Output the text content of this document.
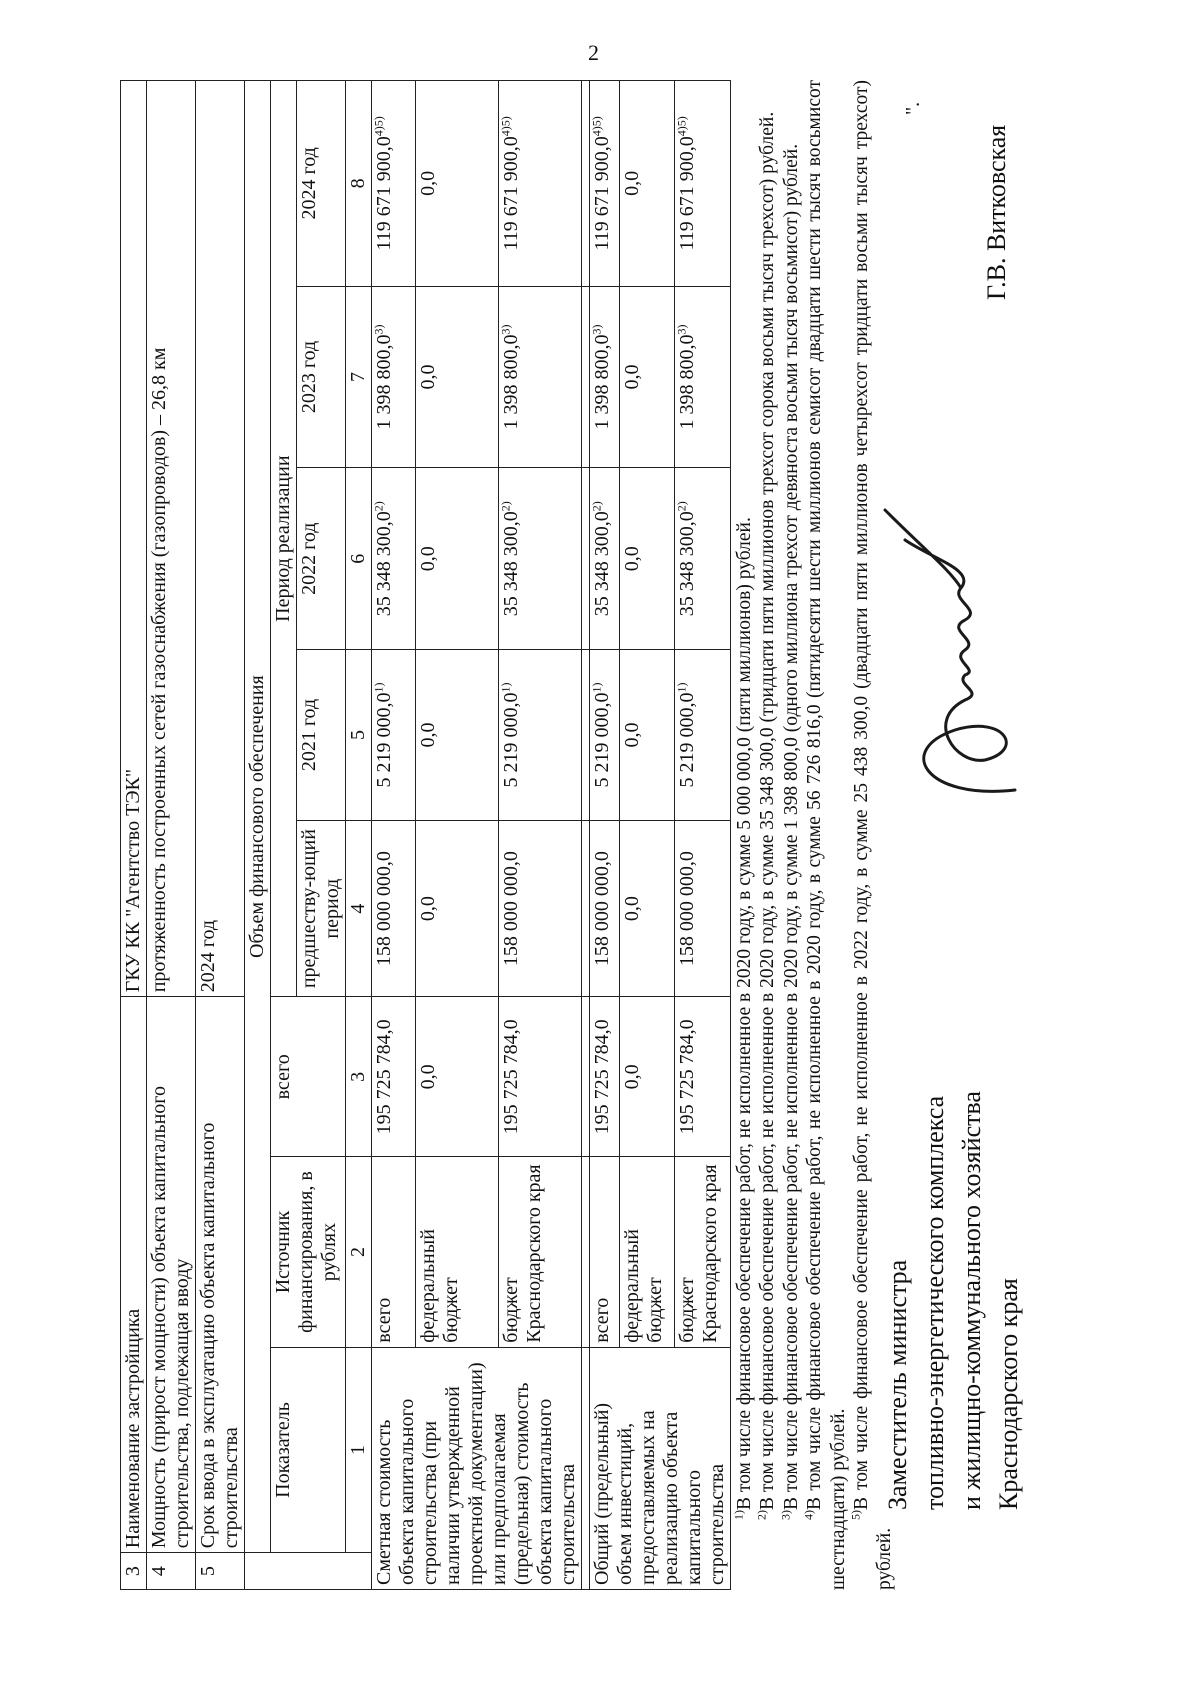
2
".
3	Наименование застройщика			ГКУ КК "Агентство ТЭК"				
4	Мощность (прирост мощности) объекта капитального строительства, подлежащая вводу			протяженность построенных сетей газоснабжения (газопроводов) – 26,8 км				
5	Срок ввода в эксплуатацию объекта капитального строительства			2024 год				
	Объем финансового обеспечения							
	Показатель	Источник финансирования, в рублях	всего	Период реализации				
				предшеству-ющий период	2021 год	2022 год	2023 год	2024 год
	1	2	3	4	5	6	7	8
Сметная стоимость объекта капитального строительства (при наличии утвержденной проектной документации) или предполагаемая (предельная) стоимость объекта капитального строительства		всего	195 725 784,0	158 000 000,0	5 219 000,0$^{1)}$	35 348 300,0$^{2)}$	1 398 800,0$^{3)}$	119 671 $900,0^{4)5)}$
		федеральный бюджет	0,0	0,0	0,0	0,0	0,0	0,0
		бюджет Краснодарского края	195 725 784,0	158 000 000,0	5 219 000,0$^{1)}$	35 348 300,0$^{2)}$	1 398 800,0$^{3)}$	119 671 $900,0^{4)5)}$

Общий (предельный) объем инвестиций, предоставляемых на реализацию объекта капитального строительства		всего	195 725 784,0	158 000 000,0	5 219 000,0$^{1)}$	35 348 300,0$^{2)}$	1 398 800,0$^{3)}$	119 671 $900,0^{4)5)}$
		федеральный бюджет	0,0	0,0	0,0	0,0	0,0	0,0
		бюджет Краснодарского края	195 725 784,0	158 000 000,0	5 219 000,0$^{1)}$	35 348 300,0$^{2)}$	1 398 800,0$^{3)}$	119 671 $900,0^{4)5)}$

$^{1)}$В том числе финансовое обеспечение работ, не исполненное в 2020 году, в сумме 5 000 000,0 (пяти миллионов) рублей.

$^{2)}$В том числе финансовое обеспечение работ, не исполненное в 2020 году, в сумме 35 348 300,0 (тридцати пяти миллионов трехсот сорока восьми тысяч трехсот) рублей.

$^{3)}$В том числе финансовое обеспечение работ, не исполненное в 2020 году, в сумме 1 398 800,0 (одного миллиона трехсот девяноста восьми тысяч восьмисот) рублей.

$^{4)}$В том числе финансовое обеспечение работ, не исполненное в 2020 году, в сумме 56 726 816,0 (пятидесяти шести миллионов семисот двадцати шести тысяч восьмисот шестнадцати) рублей. $^{5)}$В том числе финансовое обеспечение работ, не исполненное в 2022 году, в сумме 25 438 300,0 (двадцати пяти миллионов четырехсот тридцати восьми тысяч трехсот) рублей.

Заместитель министра топливно-энергетического комплекса и жилищно-коммунального хозяйства Краснодарского края
Г.В. Витковская
